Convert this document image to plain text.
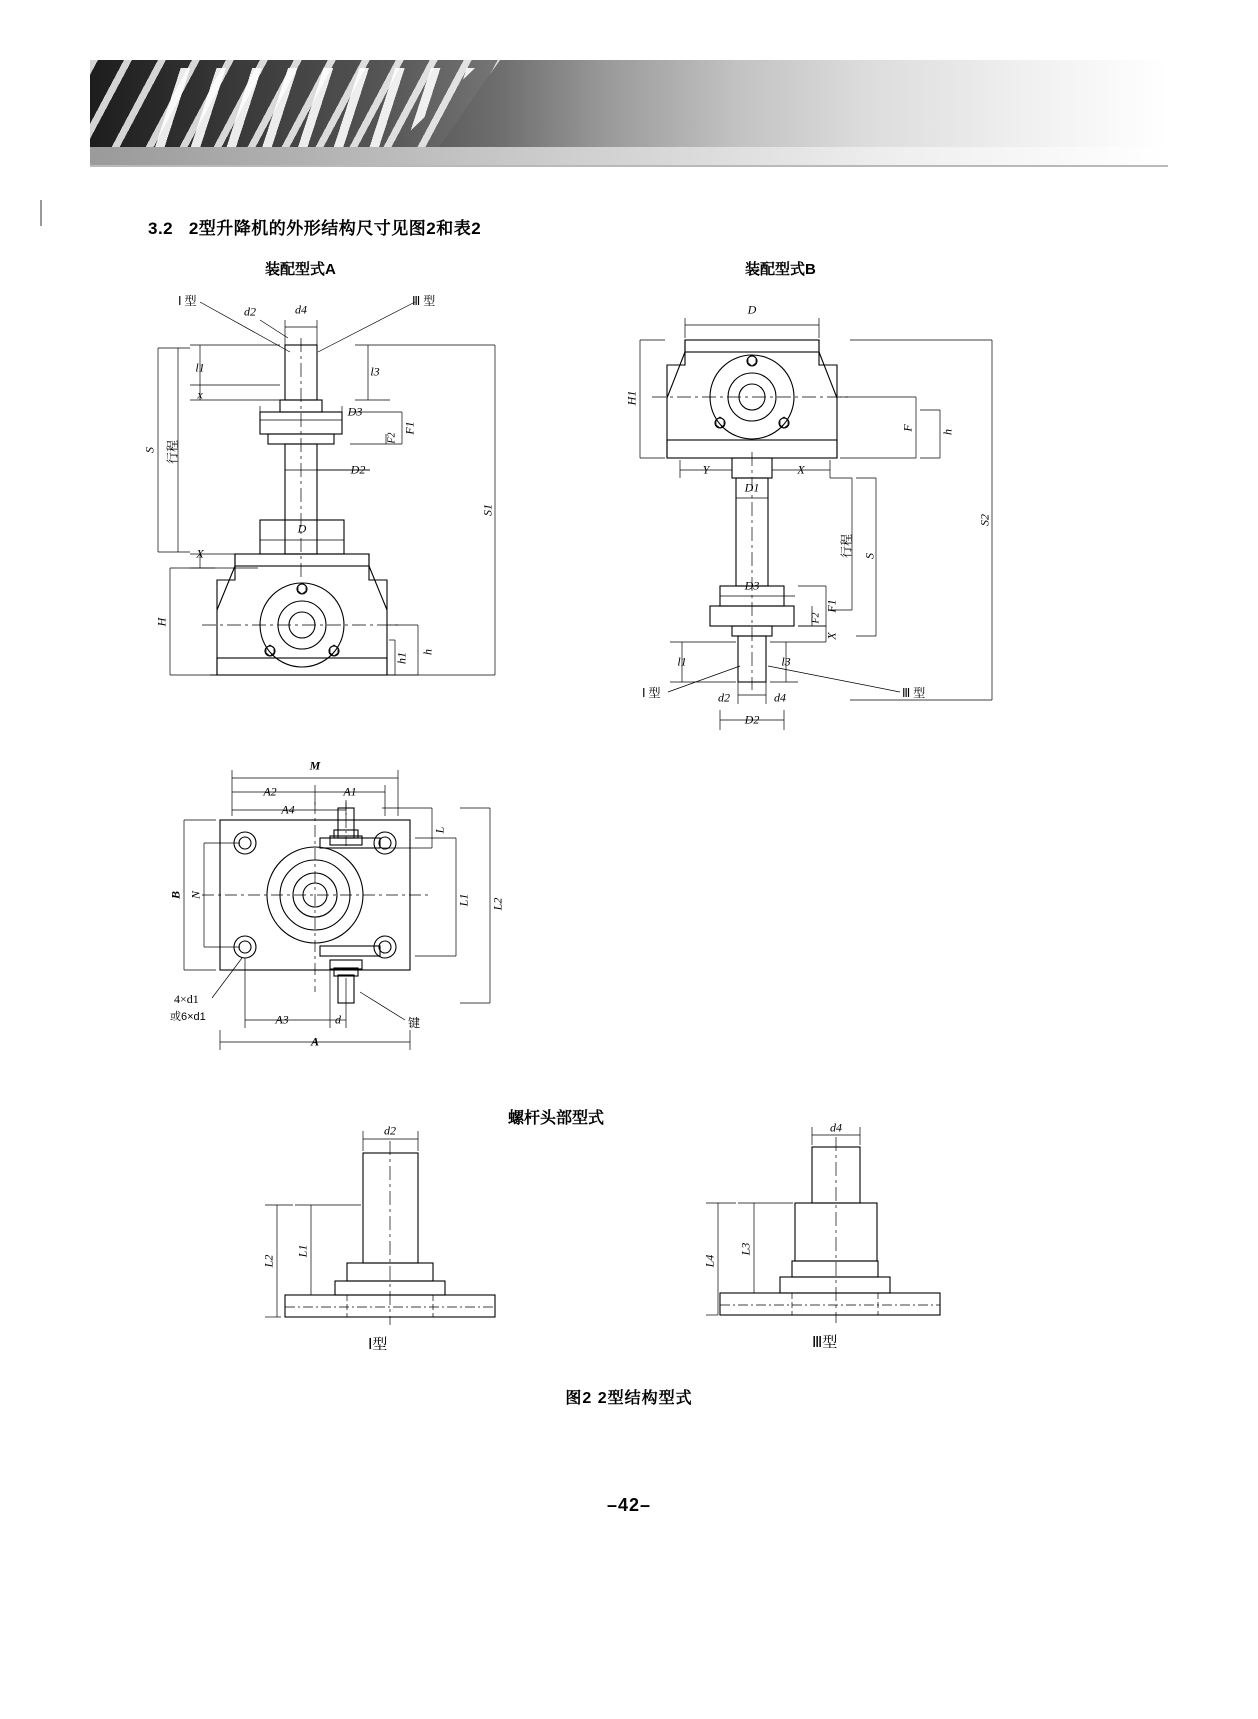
3.2 2型升降机的外形结构尺寸见图2和表2
装配型式A	装配型式B
l1
x
S 行程
S1
l3
d4
d2
D3
D2
F1
F2
D
X
H
h1 h
Ⅰ 型	Ⅲ 型
D
H1
F
h
Y	X
D1
行程 S
S2
D3
F1
F2
X
l1	l3
d2	d4
D2
Ⅰ 型	Ⅲ 型
M
A2	A1
A4
B N
L
L1 L2
A3	d
A
4×d1
或6×d1	键
螺杆头部型式
d2
L1
L2
Ⅰ型
d4
L3
L4
Ⅲ型
图2 2型结构型式
–42–
